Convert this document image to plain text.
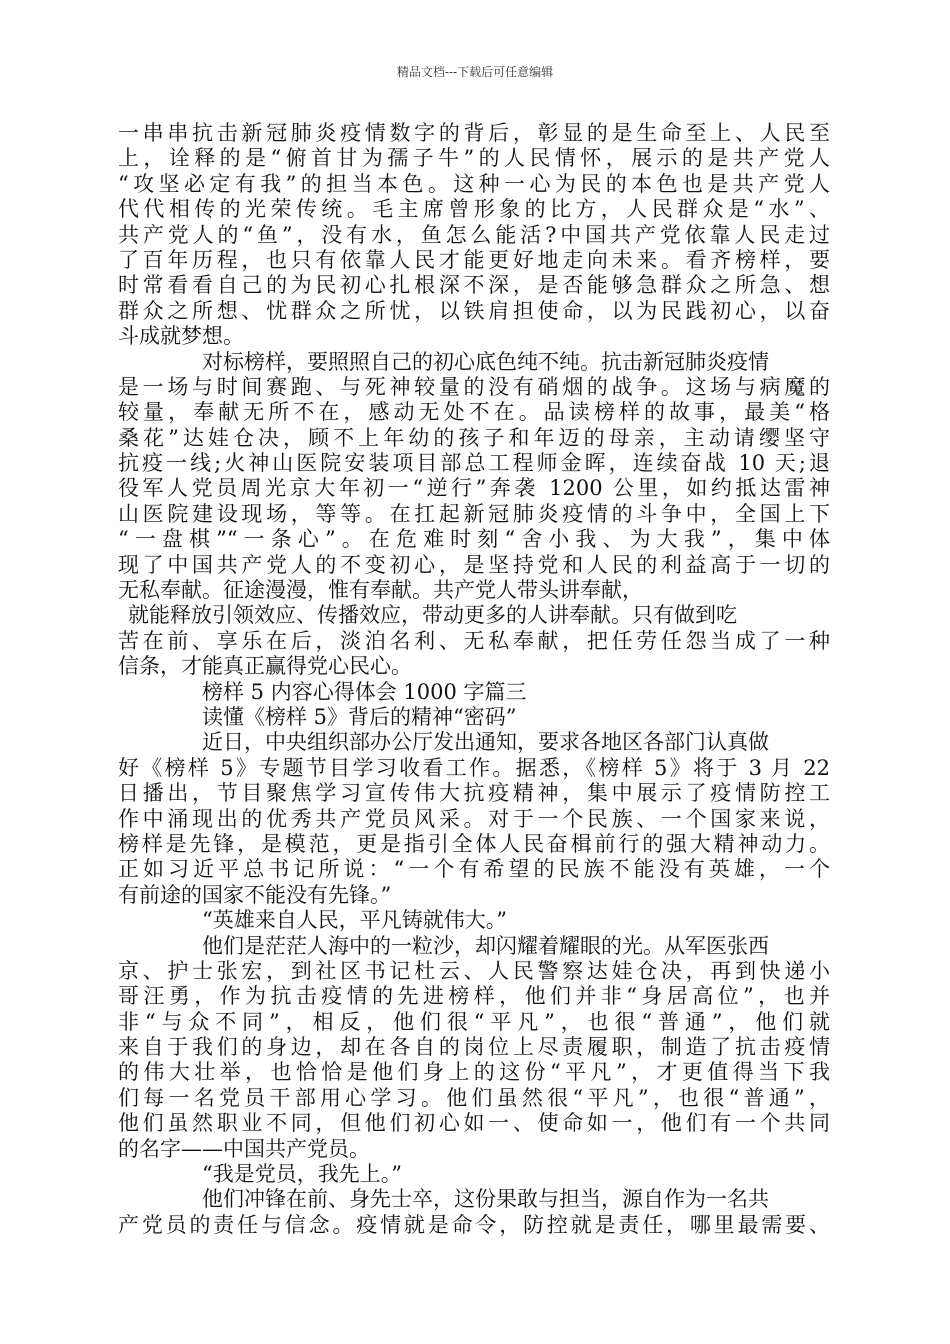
精品文档---下载后可任意编辑
一串串抗击新冠肺炎疫情数字的背后，彰显的是生命至上、人民至
上，诠释的是“俯首甘为孺子牛”的人民情怀，展示的是共产党人
“攻坚必定有我”的担当本色。这种一心为民的本色也是共产党人
代代相传的光荣传统。毛主席曾形象的比方，人民群众是“水”、
共产党人的“鱼”，没有水，鱼怎么能活?中国共产党依靠人民走过
了百年历程，也只有依靠人民才能更好地走向未来。看齐榜样，要
时常看看自己的为民初心扎根深不深，是否能够急群众之所急、想
群众之所想、忧群众之所忧，以铁肩担使命，以为民践初心，以奋
斗成就梦想。
对标榜样，要照照自己的初心底色纯不纯。抗击新冠肺炎疫情
是一场与时间赛跑、与死神较量的没有硝烟的战争。这场与病魔的
较量，奉献无所不在，感动无处不在。品读榜样的故事，最美“格
桑花”达娃仓决，顾不上年幼的孩子和年迈的母亲，主动请缨坚守
抗疫一线;火神山医院安装项目部总工程师金晖，连续奋战 10 天;退
役军人党员周光京大年初一“逆行”奔袭 1200 公里，如约抵达雷神
山医院建设现场，等等。在扛起新冠肺炎疫情的斗争中，全国上下
“一盘棋”“一条心”。在危难时刻“舍小我、为大我”，集中体
现了中国共产党人的不变初心，是坚持党和人民的利益高于一切的
无私奉献。征途漫漫，惟有奉献。共产党人带头讲奉献，
就能释放引领效应、传播效应，带动更多的人讲奉献。只有做到吃
苦在前、享乐在后，淡泊名利、无私奉献，把任劳任怨当成了一种
信条，才能真正赢得党心民心。
榜样 5 内容心得体会 1000 字篇三
读懂《榜样 5》背后的精神“密码”
近日，中央组织部办公厅发出通知，要求各地区各部门认真做
好《榜样 5》专题节目学习收看工作。据悉，《榜样 5》将于 3 月 22
日播出，节目聚焦学习宣传伟大抗疫精神，集中展示了疫情防控工
作中涌现出的优秀共产党员风采。对于一个民族、一个国家来说，
榜样是先锋，是模范，更是指引全体人民奋楫前行的强大精神动力。
正如习近平总书记所说：“一个有希望的民族不能没有英雄，一个
有前途的国家不能没有先锋。”
“英雄来自人民，平凡铸就伟大。”
他们是茫茫人海中的一粒沙，却闪耀着耀眼的光。从军医张西
京、护士张宏，到社区书记杜云、人民警察达娃仓决，再到快递小
哥汪勇，作为抗击疫情的先进榜样，他们并非“身居高位”，也并
非“与众不同”，相反，他们很“平凡”，也很“普通”，他们就
来自于我们的身边，却在各自的岗位上尽责履职，制造了抗击疫情
的伟大壮举，也恰恰是他们身上的这份“平凡”，才更值得当下我
们每一名党员干部用心学习。他们虽然很“平凡”，也很“普通”，
他们虽然职业不同，但他们初心如一、使命如一，他们有一个共同
的名字——中国共产党员。
“我是党员，我先上。”
他们冲锋在前、身先士卒，这份果敢与担当，源自作为一名共
产党员的责任与信念。疫情就是命令，防控就是责任，哪里最需要、
